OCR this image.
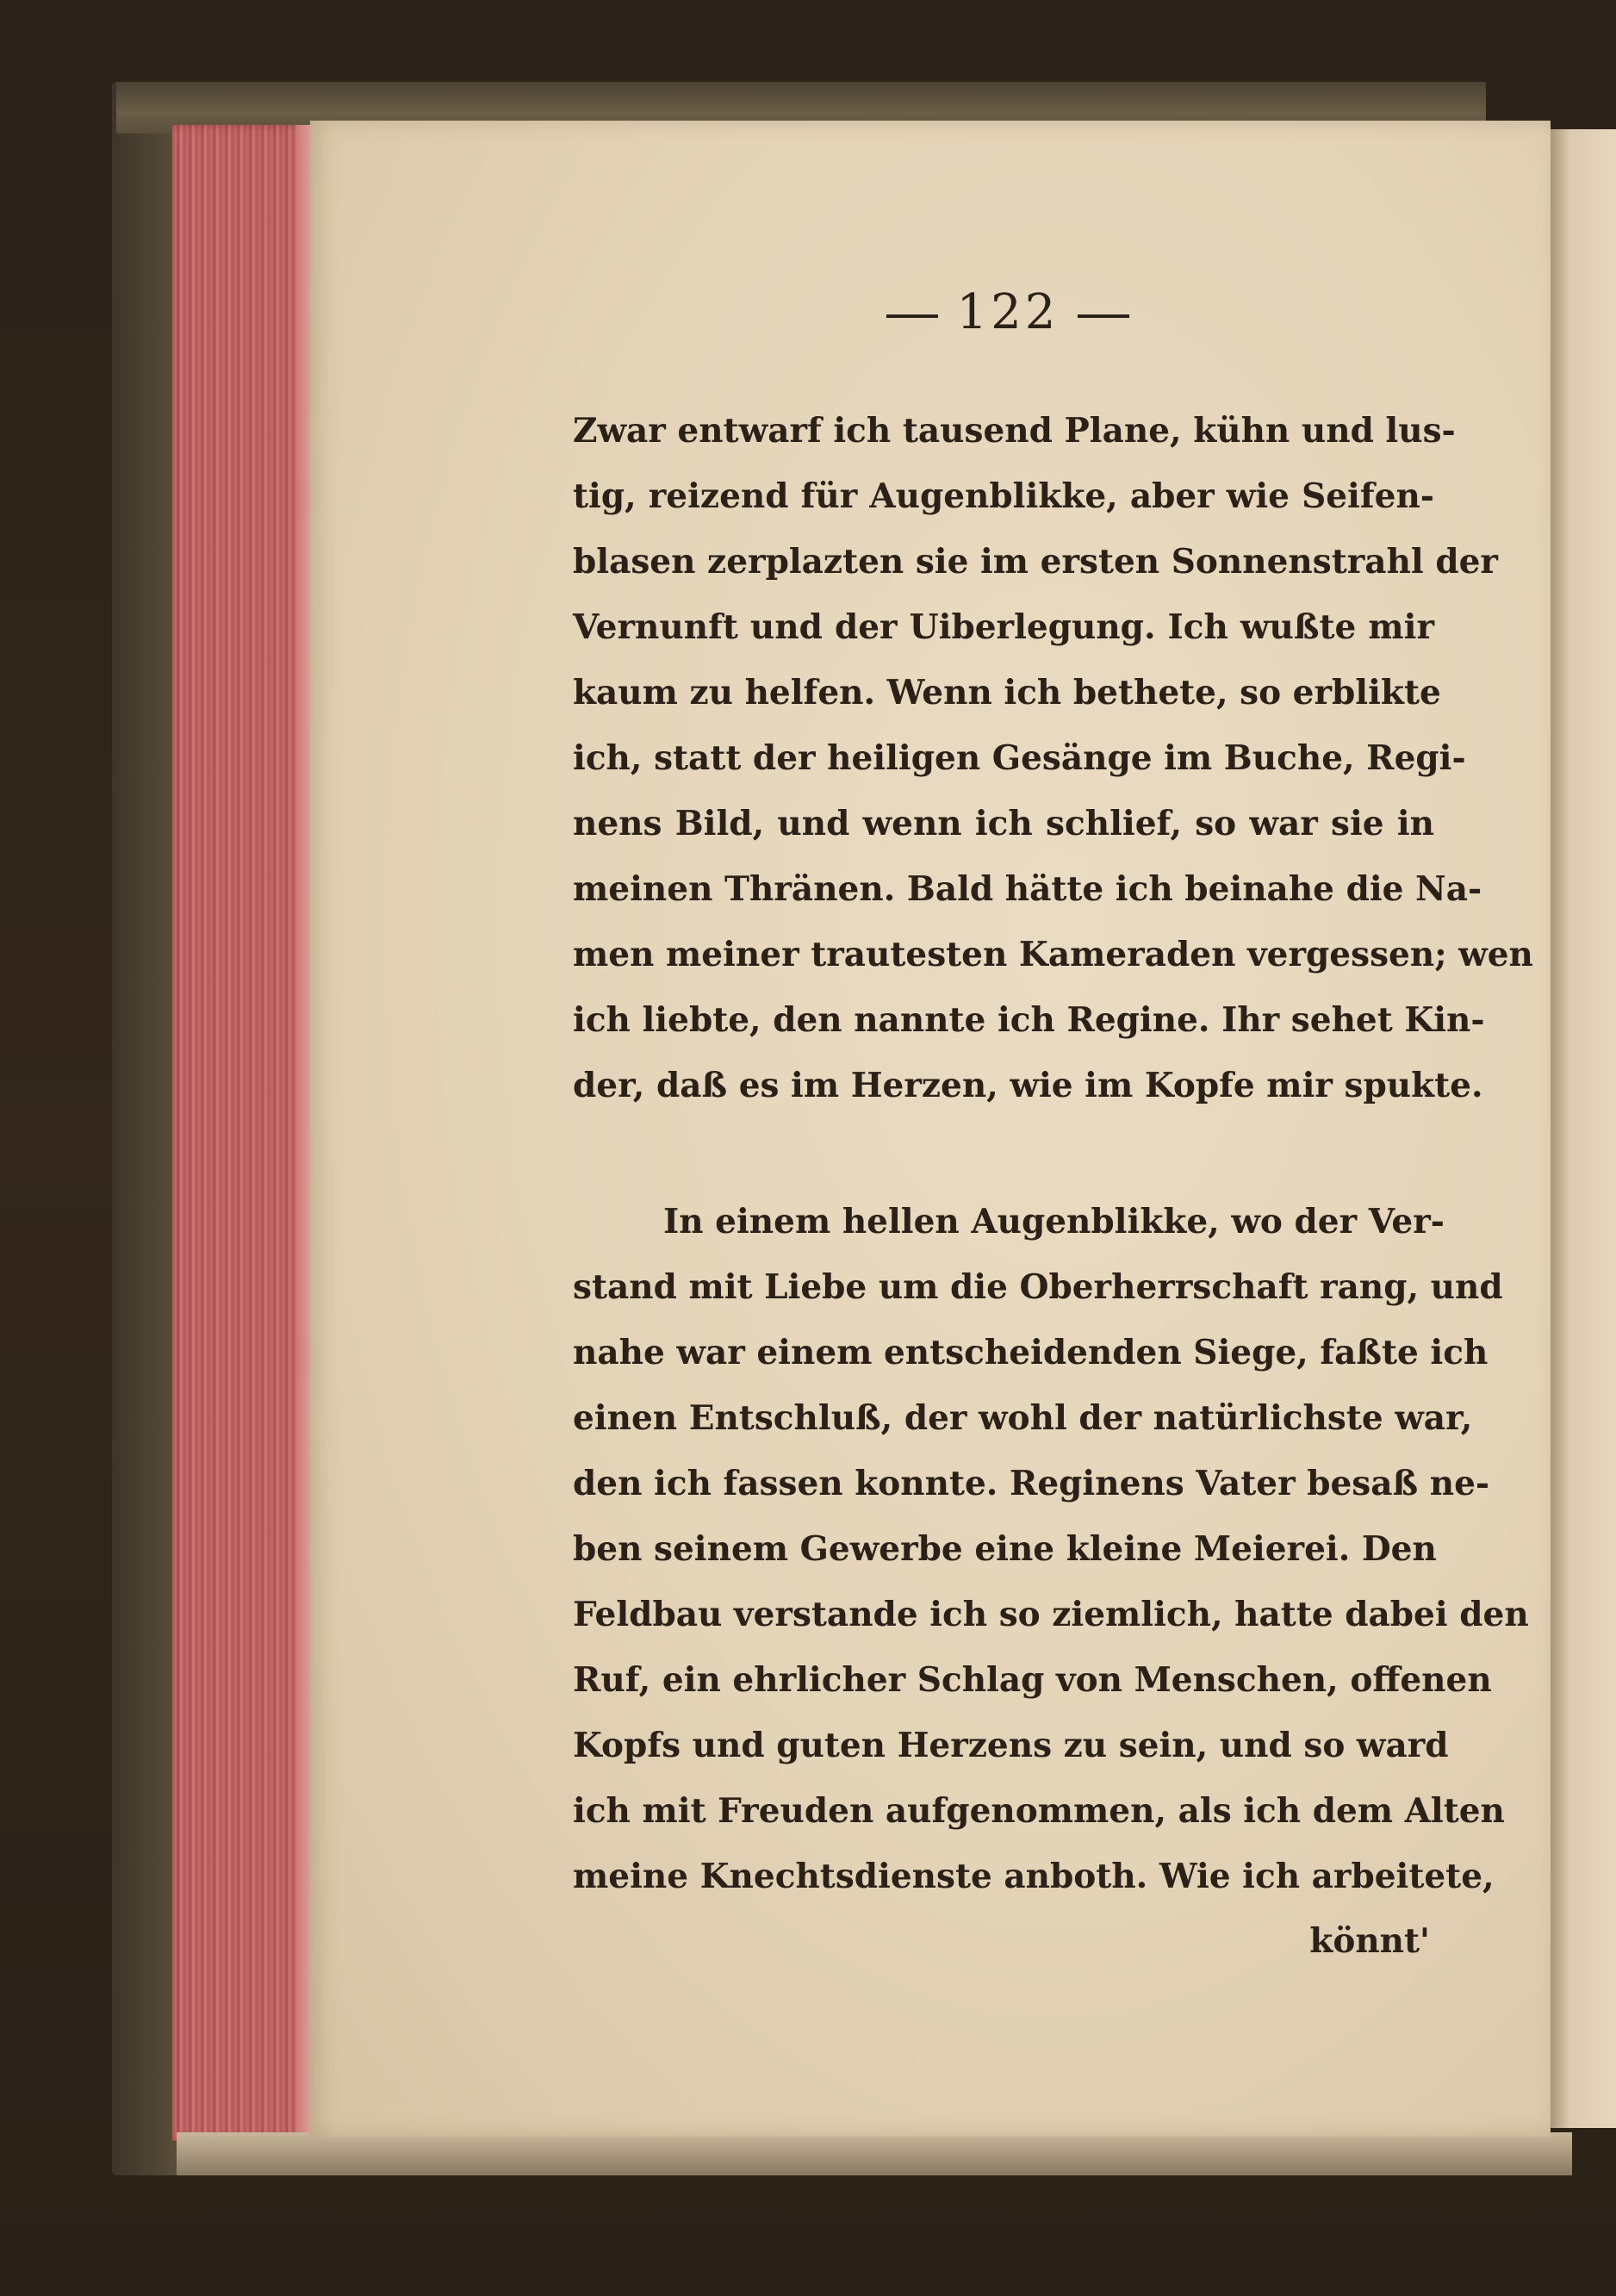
122
Zwar entwarf ich tausend Plane, kühn und lus-
tig, reizend für Augenblikke, aber wie Seifen-
blasen zerplazten sie im ersten Sonnenstrahl der
Vernunft und der Uiberlegung. Ich wußte mir
kaum zu helfen. Wenn ich bethete, so erblikte
ich, statt der heiligen Gesänge im Buche, Regi-
nens Bild, und wenn ich schlief, so war sie in
meinen Thränen. Bald hätte ich beinahe die Na-
men meiner trautesten Kameraden vergessen; wen
ich liebte, den nannte ich Regine. Ihr sehet Kin-
der, daß es im Herzen, wie im Kopfe mir spukte.
In einem hellen Augenblikke, wo der Ver-
stand mit Liebe um die Oberherrschaft rang, und
nahe war einem entscheidenden Siege, faßte ich
einen Entschluß, der wohl der natürlichste war,
den ich fassen konnte. Reginens Vater besaß ne-
ben seinem Gewerbe eine kleine Meierei. Den
Feldbau verstande ich so ziemlich, hatte dabei den
Ruf, ein ehrlicher Schlag von Menschen, offenen
Kopfs und guten Herzens zu sein, und so ward
ich mit Freuden aufgenommen, als ich dem Alten
meine Knechtsdienste anboth. Wie ich arbeitete,
könnt'
